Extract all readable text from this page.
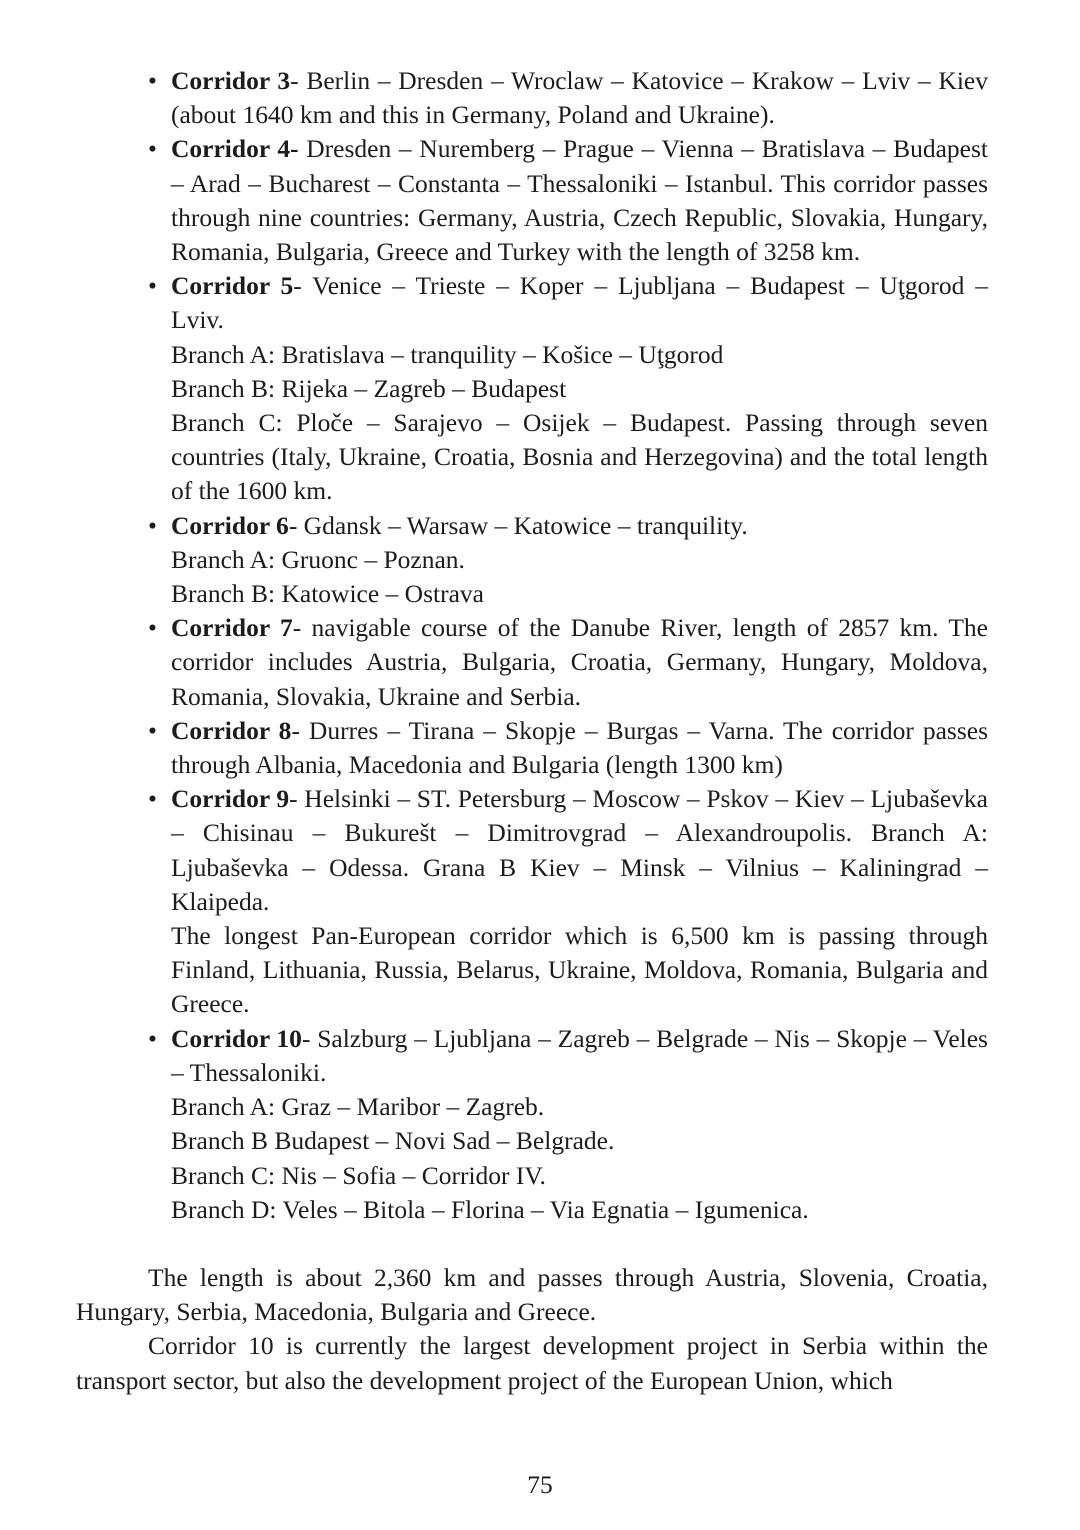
• Corridor 3- Berlin – Dresden – Wroclaw – Katovice – Krakow – Lviv – Kiev (about 1640 km and this in Germany, Poland and Ukraine).
• Corridor 4- Dresden – Nuremberg – Prague – Vienna – Bratislava – Budapest – Arad – Bucharest – Constanta – Thessaloniki – Istanbul. This corridor passes through nine countries: Germany, Austria, Czech Republic, Slovakia, Hungary, Romania, Bulgaria, Greece and Turkey with the length of 3258 km.
• Corridor 5- Venice – Trieste – Koper – Ljubljana – Budapest – Uţgorod – Lviv.
Branch A: Bratislava – tranquility – Košice – Uţgorod
Branch B: Rijeka – Zagreb – Budapest
Branch C: Ploče – Sarajevo – Osijek – Budapest. Passing through seven countries (Italy, Ukraine, Croatia, Bosnia and Herzegovina) and the total length of the 1600 km.
• Corridor 6- Gdansk – Warsaw – Katowice – tranquility.
Branch A: Gruonc – Poznan.
Branch B: Katowice – Ostrava
• Corridor 7- navigable course of the Danube River, length of 2857 km. The corridor includes Austria, Bulgaria, Croatia, Germany, Hungary, Moldova, Romania, Slovakia, Ukraine and Serbia.
• Corridor 8- Durres – Tirana – Skopje – Burgas – Varna. The corridor passes through Albania, Macedonia and Bulgaria (length 1300 km)
• Corridor 9- Helsinki – ST. Petersburg – Moscow – Pskov – Kiev – Ljubaševka – Chisinau – Bukurešt – Dimitrovgrad – Alexandroupolis. Branch A: Ljubaševka – Odessa. Grana B Kiev – Minsk – Vilnius – Kaliningrad – Klaipeda.
The longest Pan-European corridor which is 6,500 km is passing through Finland, Lithuania, Russia, Belarus, Ukraine, Moldova, Romania, Bulgaria and Greece.
• Corridor 10- Salzburg – Ljubljana – Zagreb – Belgrade – Nis – Skopje – Veles – Thessaloniki.
Branch A: Graz – Maribor – Zagreb.
Branch B Budapest – Novi Sad – Belgrade.
Branch C: Nis – Sofia – Corridor IV.
Branch D: Veles – Bitola – Florina – Via Egnatia – Igumenica.

The length is about 2,360 km and passes through Austria, Slovenia, Croatia, Hungary, Serbia, Macedonia, Bulgaria and Greece.

Corridor 10 is currently the largest development project in Serbia within the transport sector, but also the development project of the European Union, which

75
